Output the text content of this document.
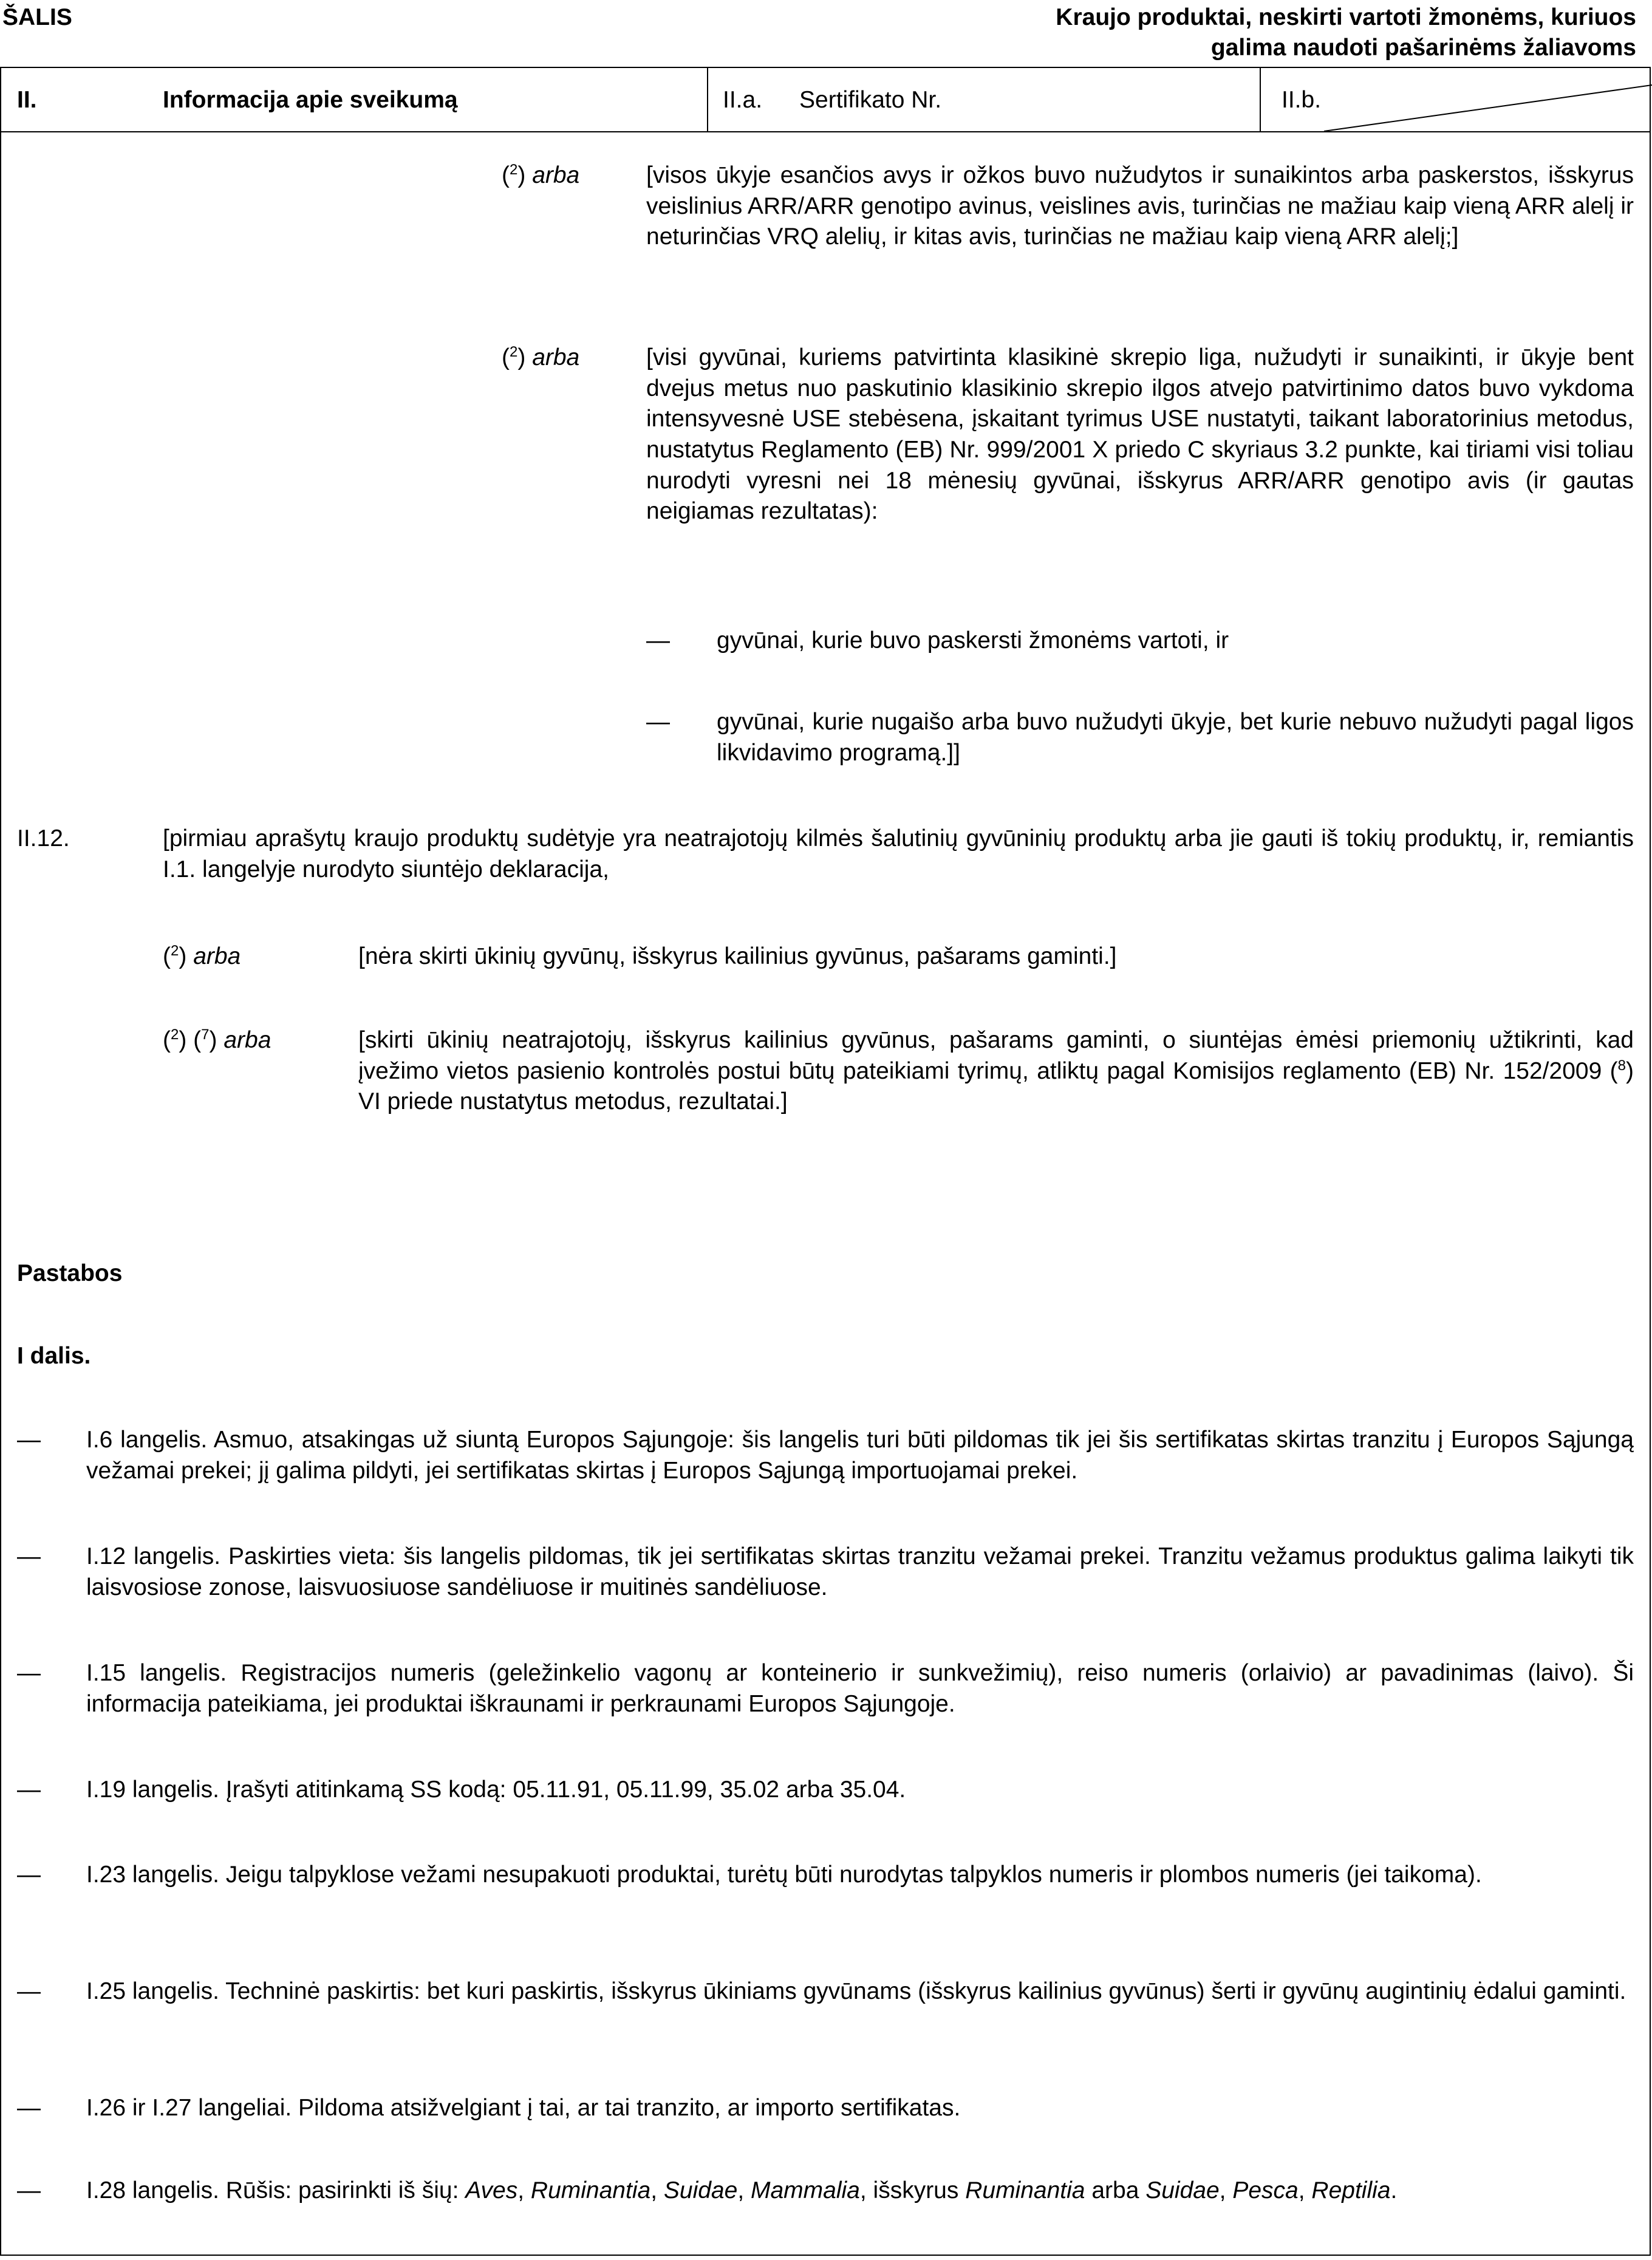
ŠALIS	Kraujo produktai, neskirti vartoti žmonėms, kuriuos
galima naudoti pašarinėms žaliavoms
II.	Informacija apie sveikumą	II.a. Sertifikato Nr.	II.b.
($^2$) arba	[visos ūkyje esančios avys ir ožkos buvo nužudytos ir sunaikintos arba paskerstos, išskyrus veislinius ARR/ARR genotipo avinus, veislines avis, turinčias ne mažiau kaip vieną ARR alelį ir neturinčias VRQ alelių, ir kitas avis, turinčias ne mažiau kaip vieną ARR alelį;]
($^2$) arba	[visi gyvūnai, kuriems patvirtinta klasikinė skrepio liga, nužudyti ir sunaikinti, ir ūkyje bent dvejus metus nuo paskutinio klasikinio skrepio ilgos atvejo patvirtinimo datos buvo vykdoma intensyvesnė USE stebėsena, įskaitant tyrimus USE nustatyti, taikant laboratorinius metodus, nustatytus Reglamento (EB) Nr. 999/2001 X priedo C skyriaus 3.2 punkte, kai tiriami visi toliau nurodyti vyresni nei 18 mėnesių gyvūnai, išskyrus ARR/ARR genotipo avis (ir gautas neigiamas rezultatas):
— gyvūnai, kurie buvo paskersti žmonėms vartoti, ir
— gyvūnai, kurie nugaišo arba buvo nužudyti ūkyje, bet kurie nebuvo nužudyti pagal ligos likvidavimo programą.]]
II.12.	[pirmiau aprašytų kraujo produktų sudėtyje yra neatrajotojų kilmės šalutinių gyvūninių produktų arba jie gauti iš tokių produktų, ir, remiantis I.1. langelyje nurodyto siuntėjo deklaracija,
($^2$) arba	[nėra skirti ūkinių gyvūnų, išskyrus kailinius gyvūnus, pašarams gaminti.]
($^2$) ($^7$) arba	[skirti ūkinių neatrajotojų, išskyrus kailinius gyvūnus, pašarams gaminti, o siuntėjas ėmėsi priemonių užtikrinti, kad įvežimo vietos pasienio kontrolės postui būtų pateikiami tyrimų, atliktų pagal Komisijos reglamento (EB) Nr. 152/2009 ($^8$) VI priede nustatytus metodus, rezultatai.]
Pastabos
I dalis.
— I.6 langelis. Asmuo, atsakingas už siuntą Europos Sąjungoje: šis langelis turi būti pildomas tik jei šis sertifikatas skirtas tranzitu į Europos Sąjungą vežamai prekei; jį galima pildyti, jei sertifikatas skirtas į Europos Sąjungą importuojamai prekei.
— I.12 langelis. Paskirties vieta: šis langelis pildomas, tik jei sertifikatas skirtas tranzitu vežamai prekei. Tranzitu vežamus produktus galima laikyti tik laisvosiose zonose, laisvuosiuose sandėliuose ir muitinės sandėliuose.
— I.15 langelis. Registracijos numeris (geležinkelio vagonų ar konteinerio ir sunkvežimių), reiso numeris (orlaivio) ar pavadinimas (laivo). Ši informacija pateikiama, jei produktai iškraunami ir perkraunami Europos Sąjungoje.
— I.19 langelis. Įrašyti atitinkamą SS kodą: 05.11.91, 05.11.99, 35.02 arba 35.04.
— I.23 langelis. Jeigu talpyklose vežami nesupakuoti produktai, turėtų būti nurodytas talpyklos numeris ir plombos numeris (jei taikoma).
— I.25 langelis. Techninė paskirtis: bet kuri paskirtis, išskyrus ūkiniams gyvūnams (išskyrus kailinius gyvūnus) šerti ir gyvūnų augintinių ėdalui gaminti.
— I.26 ir I.27 langeliai. Pildoma atsižvelgiant į tai, ar tai tranzito, ar importo sertifikatas.
— I.28 langelis. Rūšis: pasirinkti iš šių: Aves, Ruminantia, Suidae, Mammalia, išskyrus Ruminantia arba Suidae, Pesca, Reptilia.
